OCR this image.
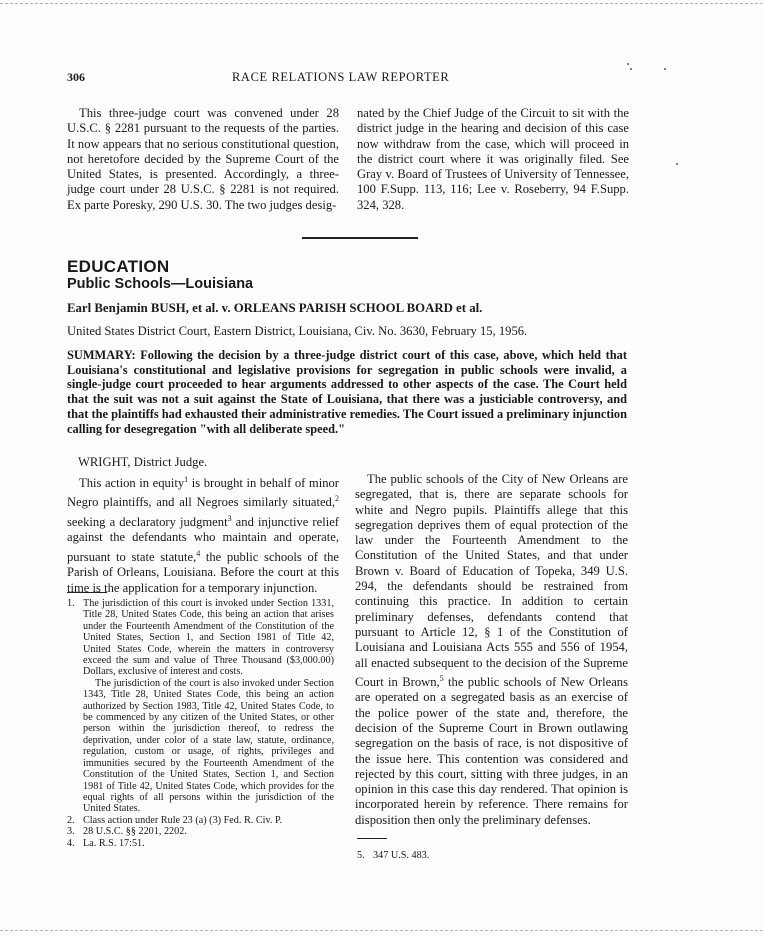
306	RACE RELATIONS LAW REPORTER

This three-judge court was convened under 28 U.S.C. § 2281 pursuant to the requests of the parties. It now appears that no serious constitutional question, not heretofore decided by the Supreme Court of the United States, is presented. Accordingly, a three-judge court under 28 U.S.C. § 2281 is not required. Ex parte Poresky, 290 U.S. 30. The two judges desig-

nated by the Chief Judge of the Circuit to sit with the district judge in the hearing and decision of this case now withdraw from the case, which will proceed in the district court where it was originally filed. See Gray v. Board of Trustees of University of Tennessee, 100 F.Supp. 113, 116; Lee v. Roseberry, 94 F.Supp. 324, 328.

EDUCATION
Public Schools—Louisiana
Earl Benjamin BUSH, et al. v. ORLEANS PARISH SCHOOL BOARD et al.
United States District Court, Eastern District, Louisiana, Civ. No. 3630, February 15, 1956.
SUMMARY: Following the decision by a three-judge district court of this case, above, which held that Louisiana's constitutional and legislative provisions for segregation in public schools were invalid, a single-judge court proceeded to hear arguments addressed to other aspects of the case. The Court held that the suit was not a suit against the State of Louisiana, that there was a justiciable controversy, and that the plaintiffs had exhausted their administrative remedies. The Court issued a preliminary injunction calling for desegregation "with all deliberate speed."
WRIGHT, District Judge.

This action in equity$^1$ is brought in behalf of minor Negro plaintiffs, and all Negroes similarly situated,$^2$ seeking a declaratory judgment$^3$ and injunctive relief against the defendants who maintain and operate, pursuant to state statute,$^4$ the public schools of the Parish of Orleans, Louisiana. Before the court at this time is the application for a temporary injunction.

1. The jurisdiction of this court is invoked under Section 1331, Title 28, United States Code, this being an action that arises under the Fourteenth Amendment of the Constitution of the United States, Section 1, and Section 1981 of Title 42, United States Code, wherein the matters in controversy exceed the sum and value of Three Thousand ($3,000.00) Dollars, exclusive of interest and costs.

The jurisdiction of the court is also invoked under Section 1343, Title 28, United States Code, this being an action authorized by Section 1983, Title 42, United States Code, to be commenced by any citizen of the United States, or other person within the jurisdiction thereof, to redress the deprivation, under color of a state law, statute, ordinance, regulation, custom or usage, of rights, privileges and immunities secured by the Fourteenth Amendment of the Constitution of the United States, Section 1, and Section 1981 of Title 42, United States Code, which provides for the equal rights of all persons within the jurisdiction of the United States.

2. Class action under Rule 23 (a) (3) Fed. R. Civ. P.

3. 28 U.S.C. §§ 2201, 2202.

4. La. R.S. 17:51.

The public schools of the City of New Orleans are segregated, that is, there are separate schools for white and Negro pupils. Plaintiffs allege that this segregation deprives them of equal protection of the law under the Fourteenth Amendment to the Constitution of the United States, and that under Brown v. Board of Education of Topeka, 349 U.S. 294, the defendants should be restrained from continuing this practice. In addition to certain preliminary defenses, defendants contend that pursuant to Article 12, § 1 of the Constitution of Louisiana and Louisiana Acts 555 and 556 of 1954, all enacted subsequent to the decision of the Supreme Court in Brown,$^5$ the public schools of New Orleans are operated on a segregated basis as an exercise of the police power of the state and, therefore, the decision of the Supreme Court in Brown outlawing segregation on the basis of race, is not dispositive of the issue here. This contention was considered and rejected by this court, sitting with three judges, in an opinion in this case this day rendered. That opinion is incorporated herein by reference. There remains for disposition then only the preliminary defenses.

5. 347 U.S. 483.
